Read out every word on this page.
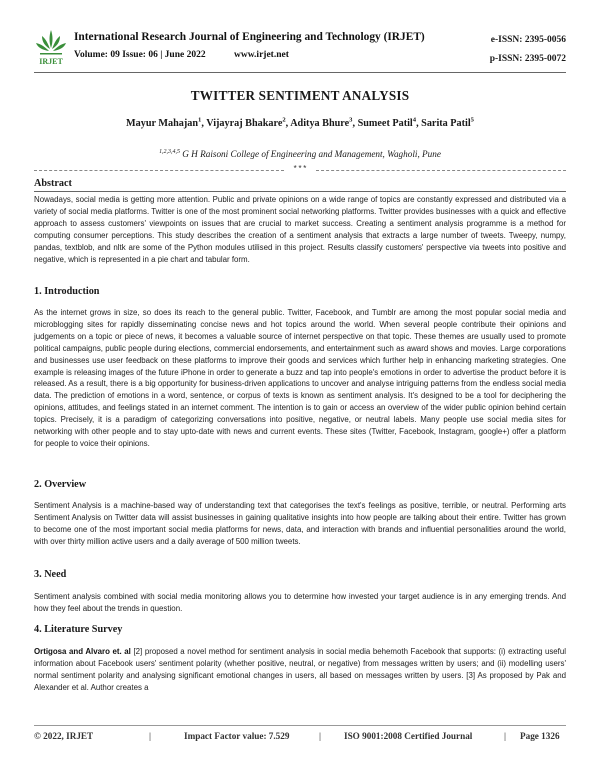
IRJET
International Research Journal of Engineering and Technology (IRJET)
Volume: 09 Issue: 06 | June 2022	www.irjet.net
e-ISSN: 2395-0056
p-ISSN: 2395-0072
TWITTER SENTIMENT ANALYSIS
Mayur Mahajan$^1$, Vijayraj Bhakare$^2$, Aditya Bhure$^3$, Sumeet Patil$^4$, Sarita Patil$^5$
$^{1,2,3,4,5}$ G H Raisoni College of Engineering and Management, Wagholi, Pune
***
Abstract

Nowadays, social media is getting more attention. Public and private opinions on a wide range of topics are constantly expressed and distributed via a variety of social media platforms. Twitter is one of the most prominent social networking platforms. Twitter provides businesses with a quick and effective approach to assess customers' viewpoints on issues that are crucial to market success. Creating a sentiment analysis programme is a method for computing consumer perceptions. This study describes the creation of a sentiment analysis that extracts a large number of tweets. Tweepy, numpy, pandas, textblob, and nltk are some of the Python modules utilised in this project. Results classify customers' perspective via tweets into positive and negative, which is represented in a pie chart and tabular form.

1. Introduction

As the internet grows in size, so does its reach to the general public. Twitter, Facebook, and Tumblr are among the most popular social media and microblogging sites for rapidly disseminating concise news and hot topics around the world. When several people contribute their opinions and judgements on a topic or piece of news, it becomes a valuable source of internet perspective on that topic. These themes are usually used to promote political campaigns, public people during elections, commercial endorsements, and entertainment such as award shows and movies. Large corporations and businesses use user feedback on these platforms to improve their goods and services which further help in enhancing marketing strategies. One example is releasing images of the future iPhone in order to generate a buzz and tap into people's emotions in order to advertise the product before it is released. As a result, there is a big opportunity for business-driven applications to uncover and analyse intriguing patterns from the endless social media data. The prediction of emotions in a word, sentence, or corpus of texts is known as sentiment analysis. It's designed to be a tool for deciphering the opinions, attitudes, and feelings stated in an internet comment. The intention is to gain or access an overview of the wider public opinion behind certain topics. Precisely, it is a paradigm of categorizing conversations into positive, negative, or neutral labels. Many people use social media sites for networking with other people and to stay upto-date with news and current events. These sites (Twitter, Facebook, Instagram, google+) offer a platform for people to voice their opinions.

2. Overview

Sentiment Analysis is a machine-based way of understanding text that categorises the text's feelings as positive, terrible, or neutral. Performing arts Sentiment Analysis on Twitter data will assist businesses in gaining qualitative insights into how people are talking about their entire. Twitter has grown to become one of the most important social media platforms for news, data, and interaction with brands and influential personalities around the world, with over thirty million active users and a daily average of 500 million tweets.

3. Need

Sentiment analysis combined with social media monitoring allows you to determine how invested your target audience is in any emerging trends. And how they feel about the trends in question.

4. Literature Survey

Ortigosa and Alvaro et. al [2] proposed a novel method for sentiment analysis in social media behemoth Facebook that supports: (i) extracting useful information about Facebook users' sentiment polarity (whether positive, neutral, or negative) from messages written by users; and (ii) modelling users' normal sentiment polarity and analysing significant emotional changes in users, all based on messages written by users. [3] As proposed by Pak and Alexander et al. Author creates a

© 2022, IRJET	|	Impact Factor value: 7.529	| ISO 9001:2008 Certified Journal	| Page 1326
